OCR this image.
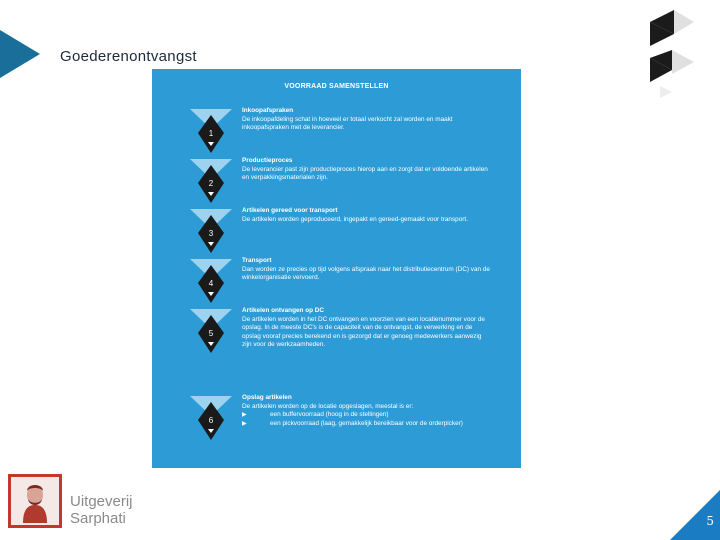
Goederenontvangst
VOORRAAD SAMENSTELLEN
1
Inkoopafspraken
De inkoopafdeling schat in hoeveel er totaal verkocht zal worden en maakt inkoopafspraken met de leverancier.
2
Productieproces
De leverancier past zijn productieproces hierop aan en zorgt dat er voldoende artikelen en verpakkingsmaterialen zijn.
3
Artikelen gereed voor transport
De artikelen worden geproduceerd, ingepakt en gereed-gemaakt voor transport.
4
Transport
Dan worden ze precies op tijd volgens afspraak naar het distributiecentrum (DC) van de winkelorganisatie vervoerd.
5
Artikelen ontvangen op DC
De artikelen worden in het DC ontvangen en voorzien van een locatienummer voor de opslag. In de meeste DC's is de capaciteit van de ontvangst, de verwerking en de opslag vooraf precies berekend en is gezorgd dat er genoeg medewerkers aanwezig zijn voor de werkzaamheden.
6
Opslag artikelen
De artikelen worden op de locatie opgeslagen, meestal is er:
▶	een buffervoorraad (hoog in de stellingen)
▶	een pickvoorraad (laag, gemakkelijk bereikbaar voor de orderpicker)
Uitgeverij
Sarphati	5
